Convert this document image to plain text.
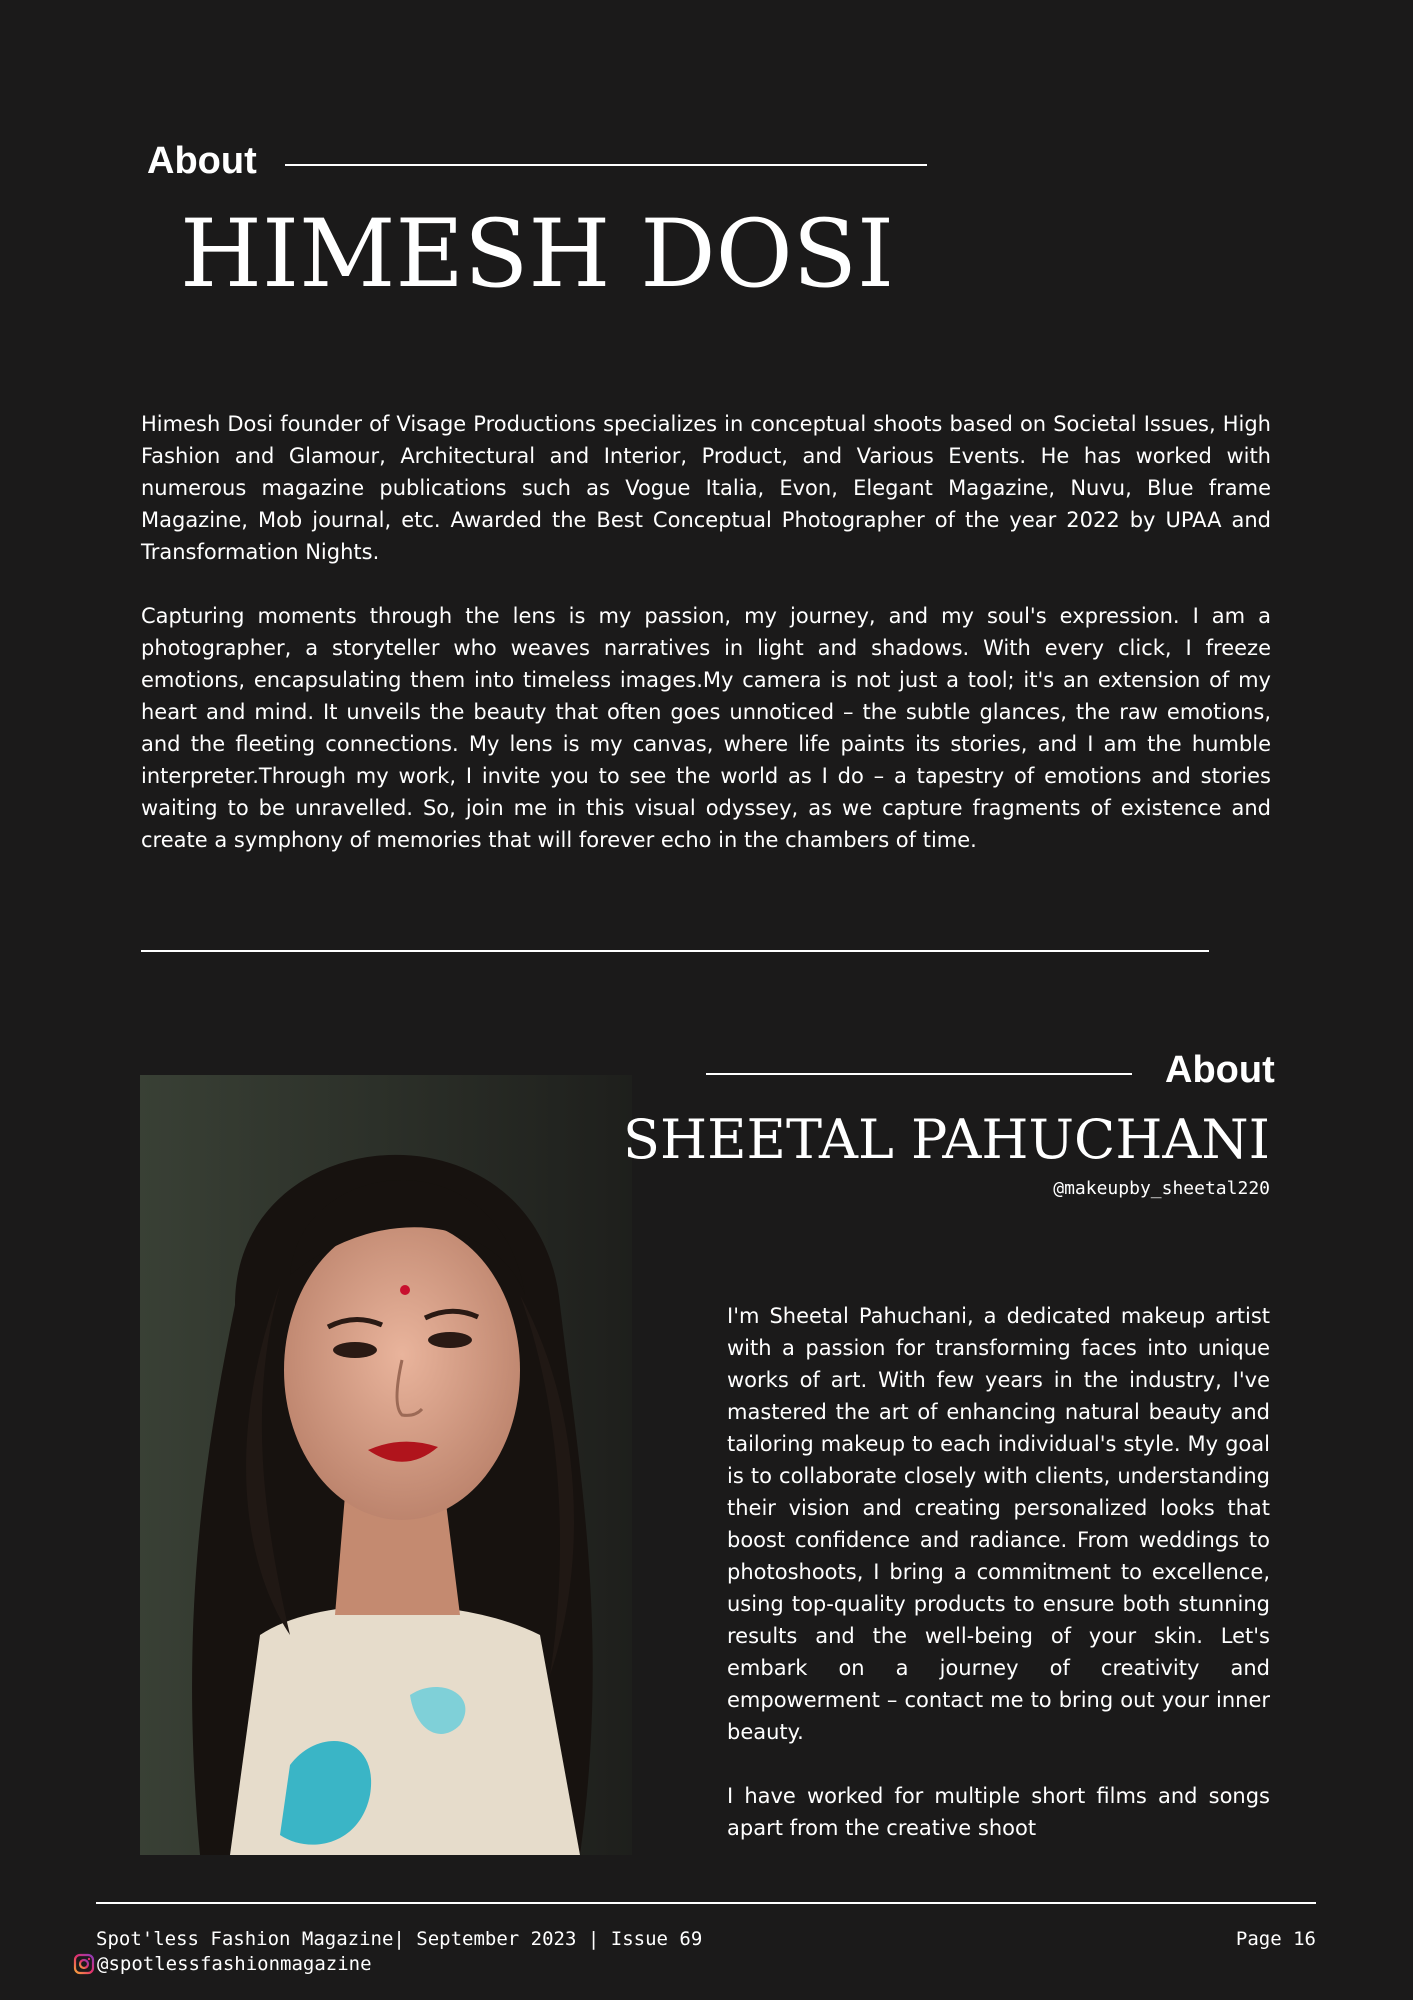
About
HIMESH DOSI

Himesh Dosi founder of Visage Productions specializes in conceptual shoots based on Societal Issues, High Fashion and Glamour, Architectural and Interior, Product, and Various Events. He has worked with numerous magazine publications such as Vogue Italia, Evon, Elegant Magazine, Nuvu, Blue frame Magazine, Mob journal, etc. Awarded the Best Conceptual Photographer of the year 2022 by UPAA and Transformation Nights.

Capturing moments through the lens is my passion, my journey, and my soul's expression. I am a photographer, a storyteller who weaves narratives in light and shadows. With every click, I freeze emotions, encapsulating them into timeless images.My camera is not just a tool; it's an extension of my heart and mind. It unveils the beauty that often goes unnoticed – the subtle glances, the raw emotions, and the fleeting connections. My lens is my canvas, where life paints its stories, and I am the humble interpreter.Through my work, I invite you to see the world as I do – a tapestry of emotions and stories waiting to be unravelled. So, join me in this visual odyssey, as we capture fragments of existence and create a symphony of memories that will forever echo in the chambers of time.

About
SHEETAL PAHUCHANI
@makeupby_sheetal220

I'm Sheetal Pahuchani, a dedicated makeup artist with a passion for transforming faces into unique works of art. With few years in the industry, I've mastered the art of enhancing natural beauty and tailoring makeup to each individual's style. My goal is to collaborate closely with clients, understanding their vision and creating personalized looks that boost confidence and radiance. From weddings to photoshoots, I bring a commitment to excellence, using top-quality products to ensure both stunning results and the well-being of your skin. Let's embark on a journey of creativity and empowerment – contact me to bring out your inner beauty.

I have worked for multiple short films and songs apart from the creative shoot

Spot'less Fashion Magazine| September 2023 | Issue 69	Page 16
@spotlessfashionmagazine
